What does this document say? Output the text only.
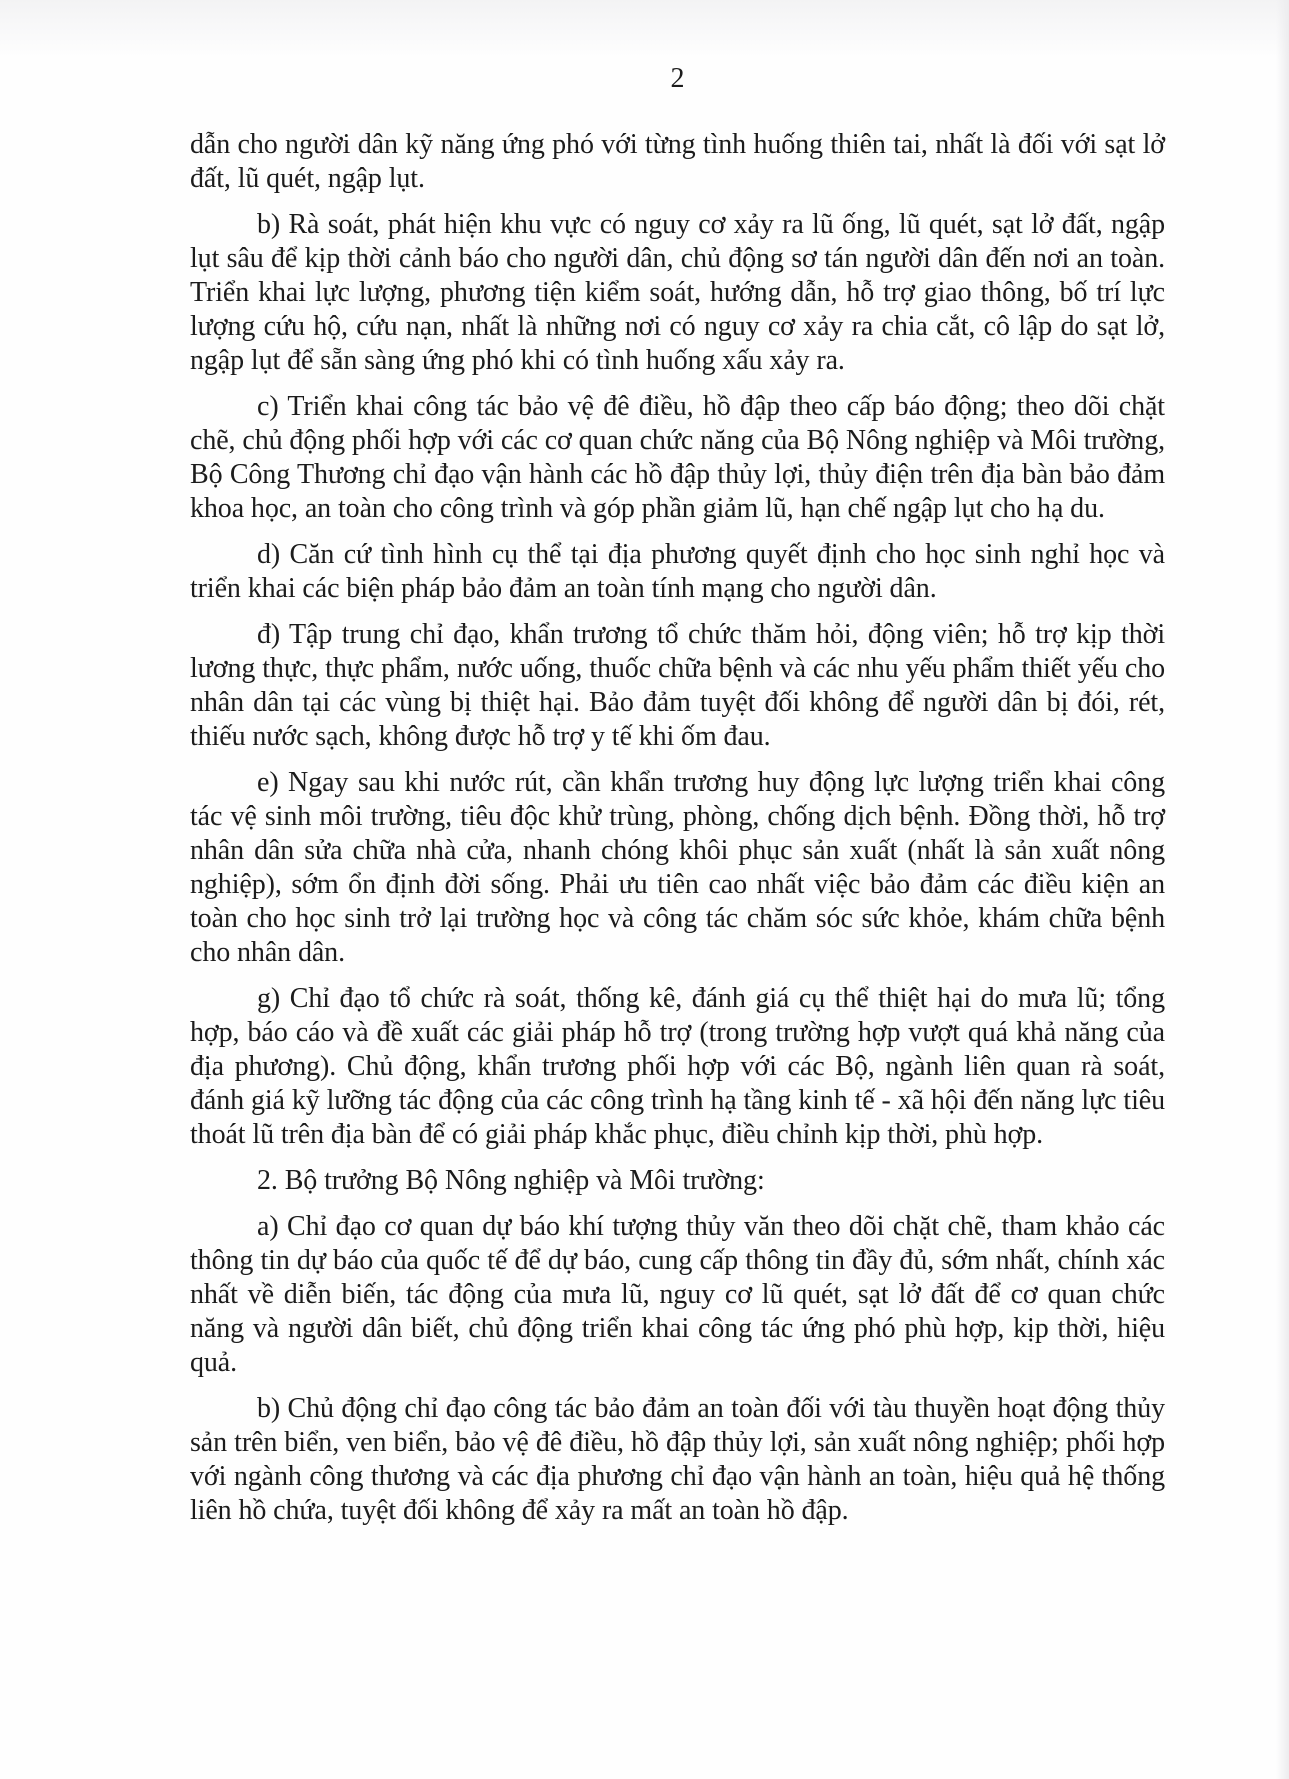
2

dẫn cho người dân kỹ năng ứng phó với từng tình huống thiên tai, nhất là đối với sạt lở đất, lũ quét, ngập lụt.

b) Rà soát, phát hiện khu vực có nguy cơ xảy ra lũ ống, lũ quét, sạt lở đất, ngập lụt sâu để kịp thời cảnh báo cho người dân, chủ động sơ tán người dân đến nơi an toàn. Triển khai lực lượng, phương tiện kiểm soát, hướng dẫn, hỗ trợ giao thông, bố trí lực lượng cứu hộ, cứu nạn, nhất là những nơi có nguy cơ xảy ra chia cắt, cô lập do sạt lở, ngập lụt để sẵn sàng ứng phó khi có tình huống xấu xảy ra.

c) Triển khai công tác bảo vệ đê điều, hồ đập theo cấp báo động; theo dõi chặt chẽ, chủ động phối hợp với các cơ quan chức năng của Bộ Nông nghiệp và Môi trường, Bộ Công Thương chỉ đạo vận hành các hồ đập thủy lợi, thủy điện trên địa bàn bảo đảm khoa học, an toàn cho công trình và góp phần giảm lũ, hạn chế ngập lụt cho hạ du.

d) Căn cứ tình hình cụ thể tại địa phương quyết định cho học sinh nghỉ học và triển khai các biện pháp bảo đảm an toàn tính mạng cho người dân.

đ) Tập trung chỉ đạo, khẩn trương tổ chức thăm hỏi, động viên; hỗ trợ kịp thời lương thực, thực phẩm, nước uống, thuốc chữa bệnh và các nhu yếu phẩm thiết yếu cho nhân dân tại các vùng bị thiệt hại. Bảo đảm tuyệt đối không để người dân bị đói, rét, thiếu nước sạch, không được hỗ trợ y tế khi ốm đau.

e) Ngay sau khi nước rút, cần khẩn trương huy động lực lượng triển khai công tác vệ sinh môi trường, tiêu độc khử trùng, phòng, chống dịch bệnh. Đồng thời, hỗ trợ nhân dân sửa chữa nhà cửa, nhanh chóng khôi phục sản xuất (nhất là sản xuất nông nghiệp), sớm ổn định đời sống. Phải ưu tiên cao nhất việc bảo đảm các điều kiện an toàn cho học sinh trở lại trường học và công tác chăm sóc sức khỏe, khám chữa bệnh cho nhân dân.

g) Chỉ đạo tổ chức rà soát, thống kê, đánh giá cụ thể thiệt hại do mưa lũ; tổng hợp, báo cáo và đề xuất các giải pháp hỗ trợ (trong trường hợp vượt quá khả năng của địa phương). Chủ động, khẩn trương phối hợp với các Bộ, ngành liên quan rà soát, đánh giá kỹ lưỡng tác động của các công trình hạ tầng kinh tế - xã hội đến năng lực tiêu thoát lũ trên địa bàn để có giải pháp khắc phục, điều chỉnh kịp thời, phù hợp.

2. Bộ trưởng Bộ Nông nghiệp và Môi trường:

a) Chỉ đạo cơ quan dự báo khí tượng thủy văn theo dõi chặt chẽ, tham khảo các thông tin dự báo của quốc tế để dự báo, cung cấp thông tin đầy đủ, sớm nhất, chính xác nhất về diễn biến, tác động của mưa lũ, nguy cơ lũ quét, sạt lở đất để cơ quan chức năng và người dân biết, chủ động triển khai công tác ứng phó phù hợp, kịp thời, hiệu quả.

b) Chủ động chỉ đạo công tác bảo đảm an toàn đối với tàu thuyền hoạt động thủy sản trên biển, ven biển, bảo vệ đê điều, hồ đập thủy lợi, sản xuất nông nghiệp; phối hợp với ngành công thương và các địa phương chỉ đạo vận hành an toàn, hiệu quả hệ thống liên hồ chứa, tuyệt đối không để xảy ra mất an toàn hồ đập.
